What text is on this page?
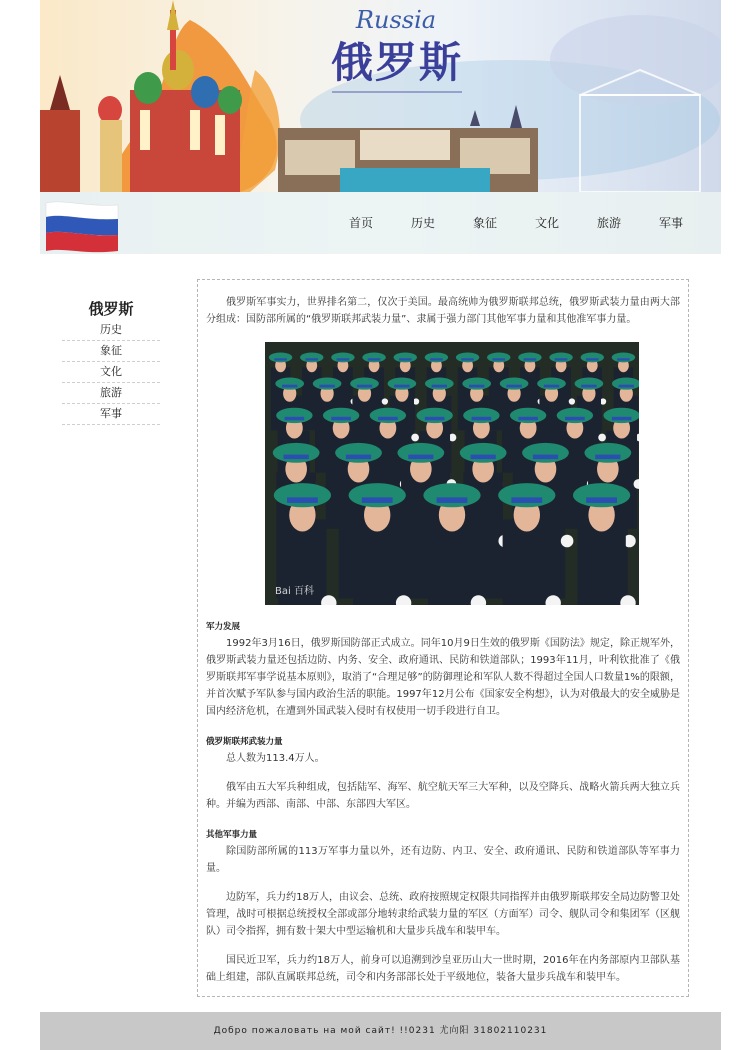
Russia
俄罗斯
首页	历史	象征	文化	旅游	军事
俄罗斯
历史
象征
文化
旅游
军事

俄罗斯军事实力，世界排名第二，仅次于美国。最高统帅为俄罗斯联邦总统，俄罗斯武装力量由两大部分组成：国防部所属的“俄罗斯联邦武装力量”、隶属于强力部门其他军事力量和其他准军事力量。

Bai 百科
军力发展

1992年3月16日，俄罗斯国防部正式成立。同年10月9日生效的俄罗斯《国防法》规定，除正规军外，俄罗斯武装力量还包括边防、内务、安全、政府通讯、民防和铁道部队；1993年11月，叶利钦批准了《俄罗斯联邦军事学说基本原则》，取消了“合理足够”的防御理论和军队人数不得超过全国人口数量1%的限额，并首次赋予军队参与国内政治生活的职能。1997年12月公布《国家安全构想》，认为对俄最大的安全威胁是国内经济危机，在遭到外国武装入侵时有权使用一切手段进行自卫。

俄罗斯联邦武装力量

总人数为113.4万人。

俄军由五大军兵种组成，包括陆军、海军、航空航天军三大军种，以及空降兵、战略火箭兵两大独立兵种。并编为西部、南部、中部、东部四大军区。

其他军事力量

除国防部所属的113万军事力量以外，还有边防、内卫、安全、政府通讯、民防和铁道部队等军事力量。

边防军，兵力约18万人，由议会、总统、政府按照规定权限共同指挥并由俄罗斯联邦安全局边防警卫处管理，战时可根据总统授权全部或部分地转隶给武装力量的军区（方面军）司令、舰队司令和集团军（区舰队）司令指挥，拥有数十架大中型运输机和大量步兵战车和装甲车。

国民近卫军，兵力约18万人，前身可以追溯到沙皇亚历山大一世时期，2016年在内务部原内卫部队基础上组建，部队直属联邦总统，司令和内务部部长处于平级地位，装备大量步兵战车和装甲车。

Добро пожаловать на мой сайт! !!0231 尤向阳 31802110231
